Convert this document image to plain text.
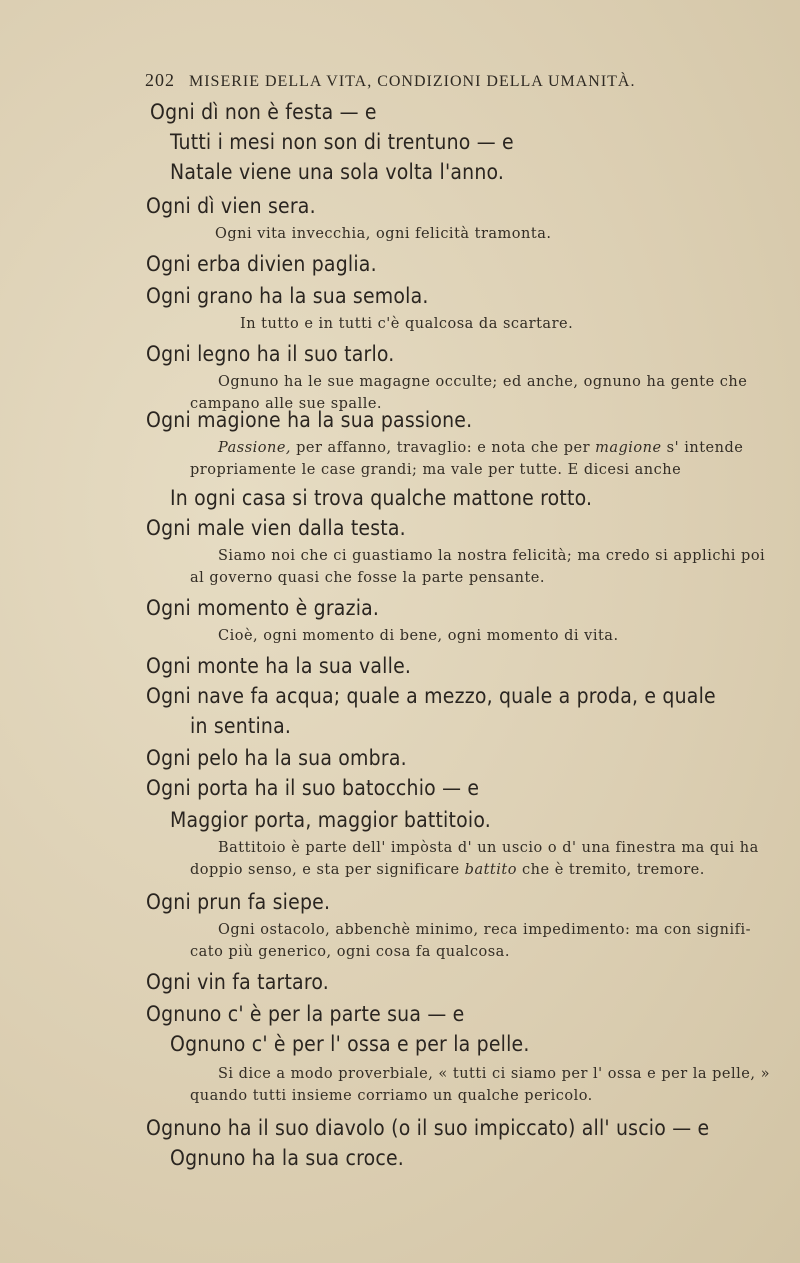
202 MISERIE DELLA VITA, CONDIZIONI DELLA UMANITÀ.
Ogni dì non è festa — e
Tutti i mesi non son di trentuno — e
Natale viene una sola volta l'anno.
Ogni dì vien sera.
Ogni vita invecchia, ogni felicità tramonta.
Ogni erba divien paglia.
Ogni grano ha la sua semola.
In tutto e in tutti c'è qualcosa da scartare.
Ogni legno ha il suo tarlo.
Ognuno ha le sue magagne occulte; ed anche, ognuno ha gente che
campano alle sue spalle.
Ogni magione ha la sua passione.
Passione, per affanno, travaglio: e nota che per magione s' intende
propriamente le case grandi; ma vale per tutte. E dicesi anche
In ogni casa si trova qualche mattone rotto.
Ogni male vien dalla testa.
Siamo noi che ci guastiamo la nostra felicità; ma credo si applichi poi
al governo quasi che fosse la parte pensante.
Ogni momento è grazia.
Cioè, ogni momento di bene, ogni momento di vita.
Ogni monte ha la sua valle.
Ogni nave fa acqua; quale a mezzo, quale a proda, e quale
in sentina.
Ogni pelo ha la sua ombra.
Ogni porta ha il suo batocchio — e
Maggior porta, maggior battitoio.
Battitoio è parte dell' impòsta d' un uscio o d' una finestra ma qui ha
doppio senso, e sta per significare battito che è tremito, tremore.
Ogni prun fa siepe.
Ogni ostacolo, abbenchè minimo, reca impedimento: ma con signifi-
cato più generico, ogni cosa fa qualcosa.
Ogni vin fa tartaro.
Ognuno c' è per la parte sua — e
Ognuno c' è per l' ossa e per la pelle.
Si dice a modo proverbiale, « tutti ci siamo per l' ossa e per la pelle, »
quando tutti insieme corriamo un qualche pericolo.
Ognuno ha il suo diavolo (o il suo impiccato) all' uscio — e
Ognuno ha la sua croce.
